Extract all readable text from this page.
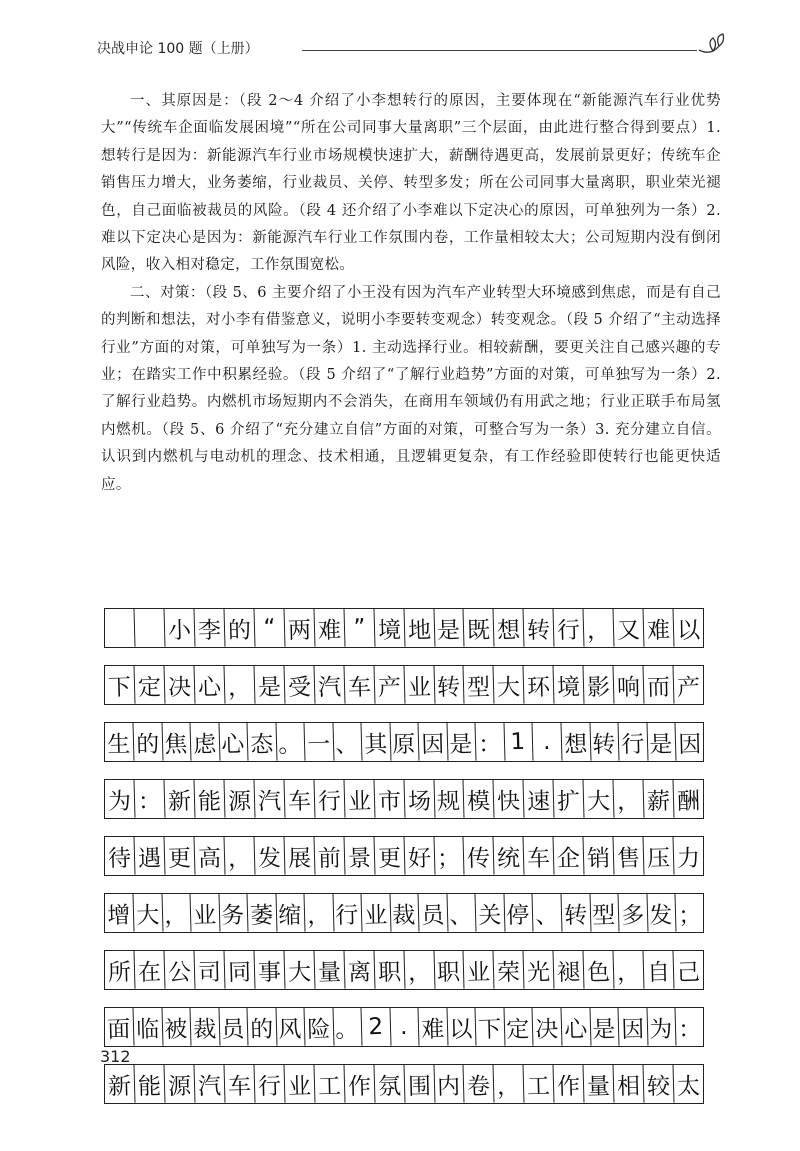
决战申论 100 题（上册）

一、其原因是：（段 2～4 介绍了小李想转行的原因，主要体现在“新能源汽车行业优势大”“传统车企面临发展困境”“所在公司同事大量离职”三个层面，由此进行整合得到要点）1. 想转行是因为：新能源汽车行业市场规模快速扩大，薪酬待遇更高，发展前景更好；传统车企销售压力增大，业务萎缩，行业裁员、关停、转型多发；所在公司同事大量离职，职业荣光褪色，自己面临被裁员的风险。（段 4 还介绍了小李难以下定决心的原因，可单独列为一条）2. 难以下定决心是因为：新能源汽车行业工作氛围内卷，工作量相较太大；公司短期内没有倒闭风险，收入相对稳定，工作氛围宽松。

二、对策：（段 5、6 主要介绍了小王没有因为汽车产业转型大环境感到焦虑，而是有自己的判断和想法，对小李有借鉴意义，说明小李要转变观念）转变观念。（段 5 介绍了“主动选择行业”方面的对策，可单独写为一条）1. 主动选择行业。相较薪酬，要更关注自己感兴趣的专业；在踏实工作中积累经验。（段 5 介绍了“了解行业趋势”方面的对策，可单独写为一条）2. 了解行业趋势。内燃机市场短期内不会消失，在商用车领域仍有用武之地；行业正联手布局氢内燃机。（段 5、6 介绍了“充分建立自信”方面的对策，可整合写为一条）3. 充分建立自信。认识到内燃机与电动机的理念、技术相通，且逻辑更复杂，有工作经验即使转行也能更快适应。

小 李 的 “ 两 难 ” 境 地 是 既 想 转 行 ， 又 难 以
下 定 决 心 ， 是 受 汽 车 产 业 转 型 大 环 境 影 响 而 产
生 的 焦 虑 心 态 。 一 、 其 原 因 是 ： 1 . 想 转 行 是 因
为 ： 新 能 源 汽 车 行 业 市 场 规 模 快 速 扩 大 ， 薪 酬
待 遇 更 高 ， 发 展 前 景 更 好 ； 传 统 车 企 销 售 压 力
增 大 ， 业 务 萎 缩 ， 行 业 裁 员 、 关 停 、 转 型 多 发 ；
所 在 公 司 同 事 大 量 离 职 ， 职 业 荣 光 褪 色 ， 自 己
面 临 被 裁 员 的 风 险 。 2 . 难 以 下 定 决 心 是 因 为 ：
新 能 源 汽 车 行 业 工 作 氛 围 内 卷 ， 工 作 量 相 较 太
312
